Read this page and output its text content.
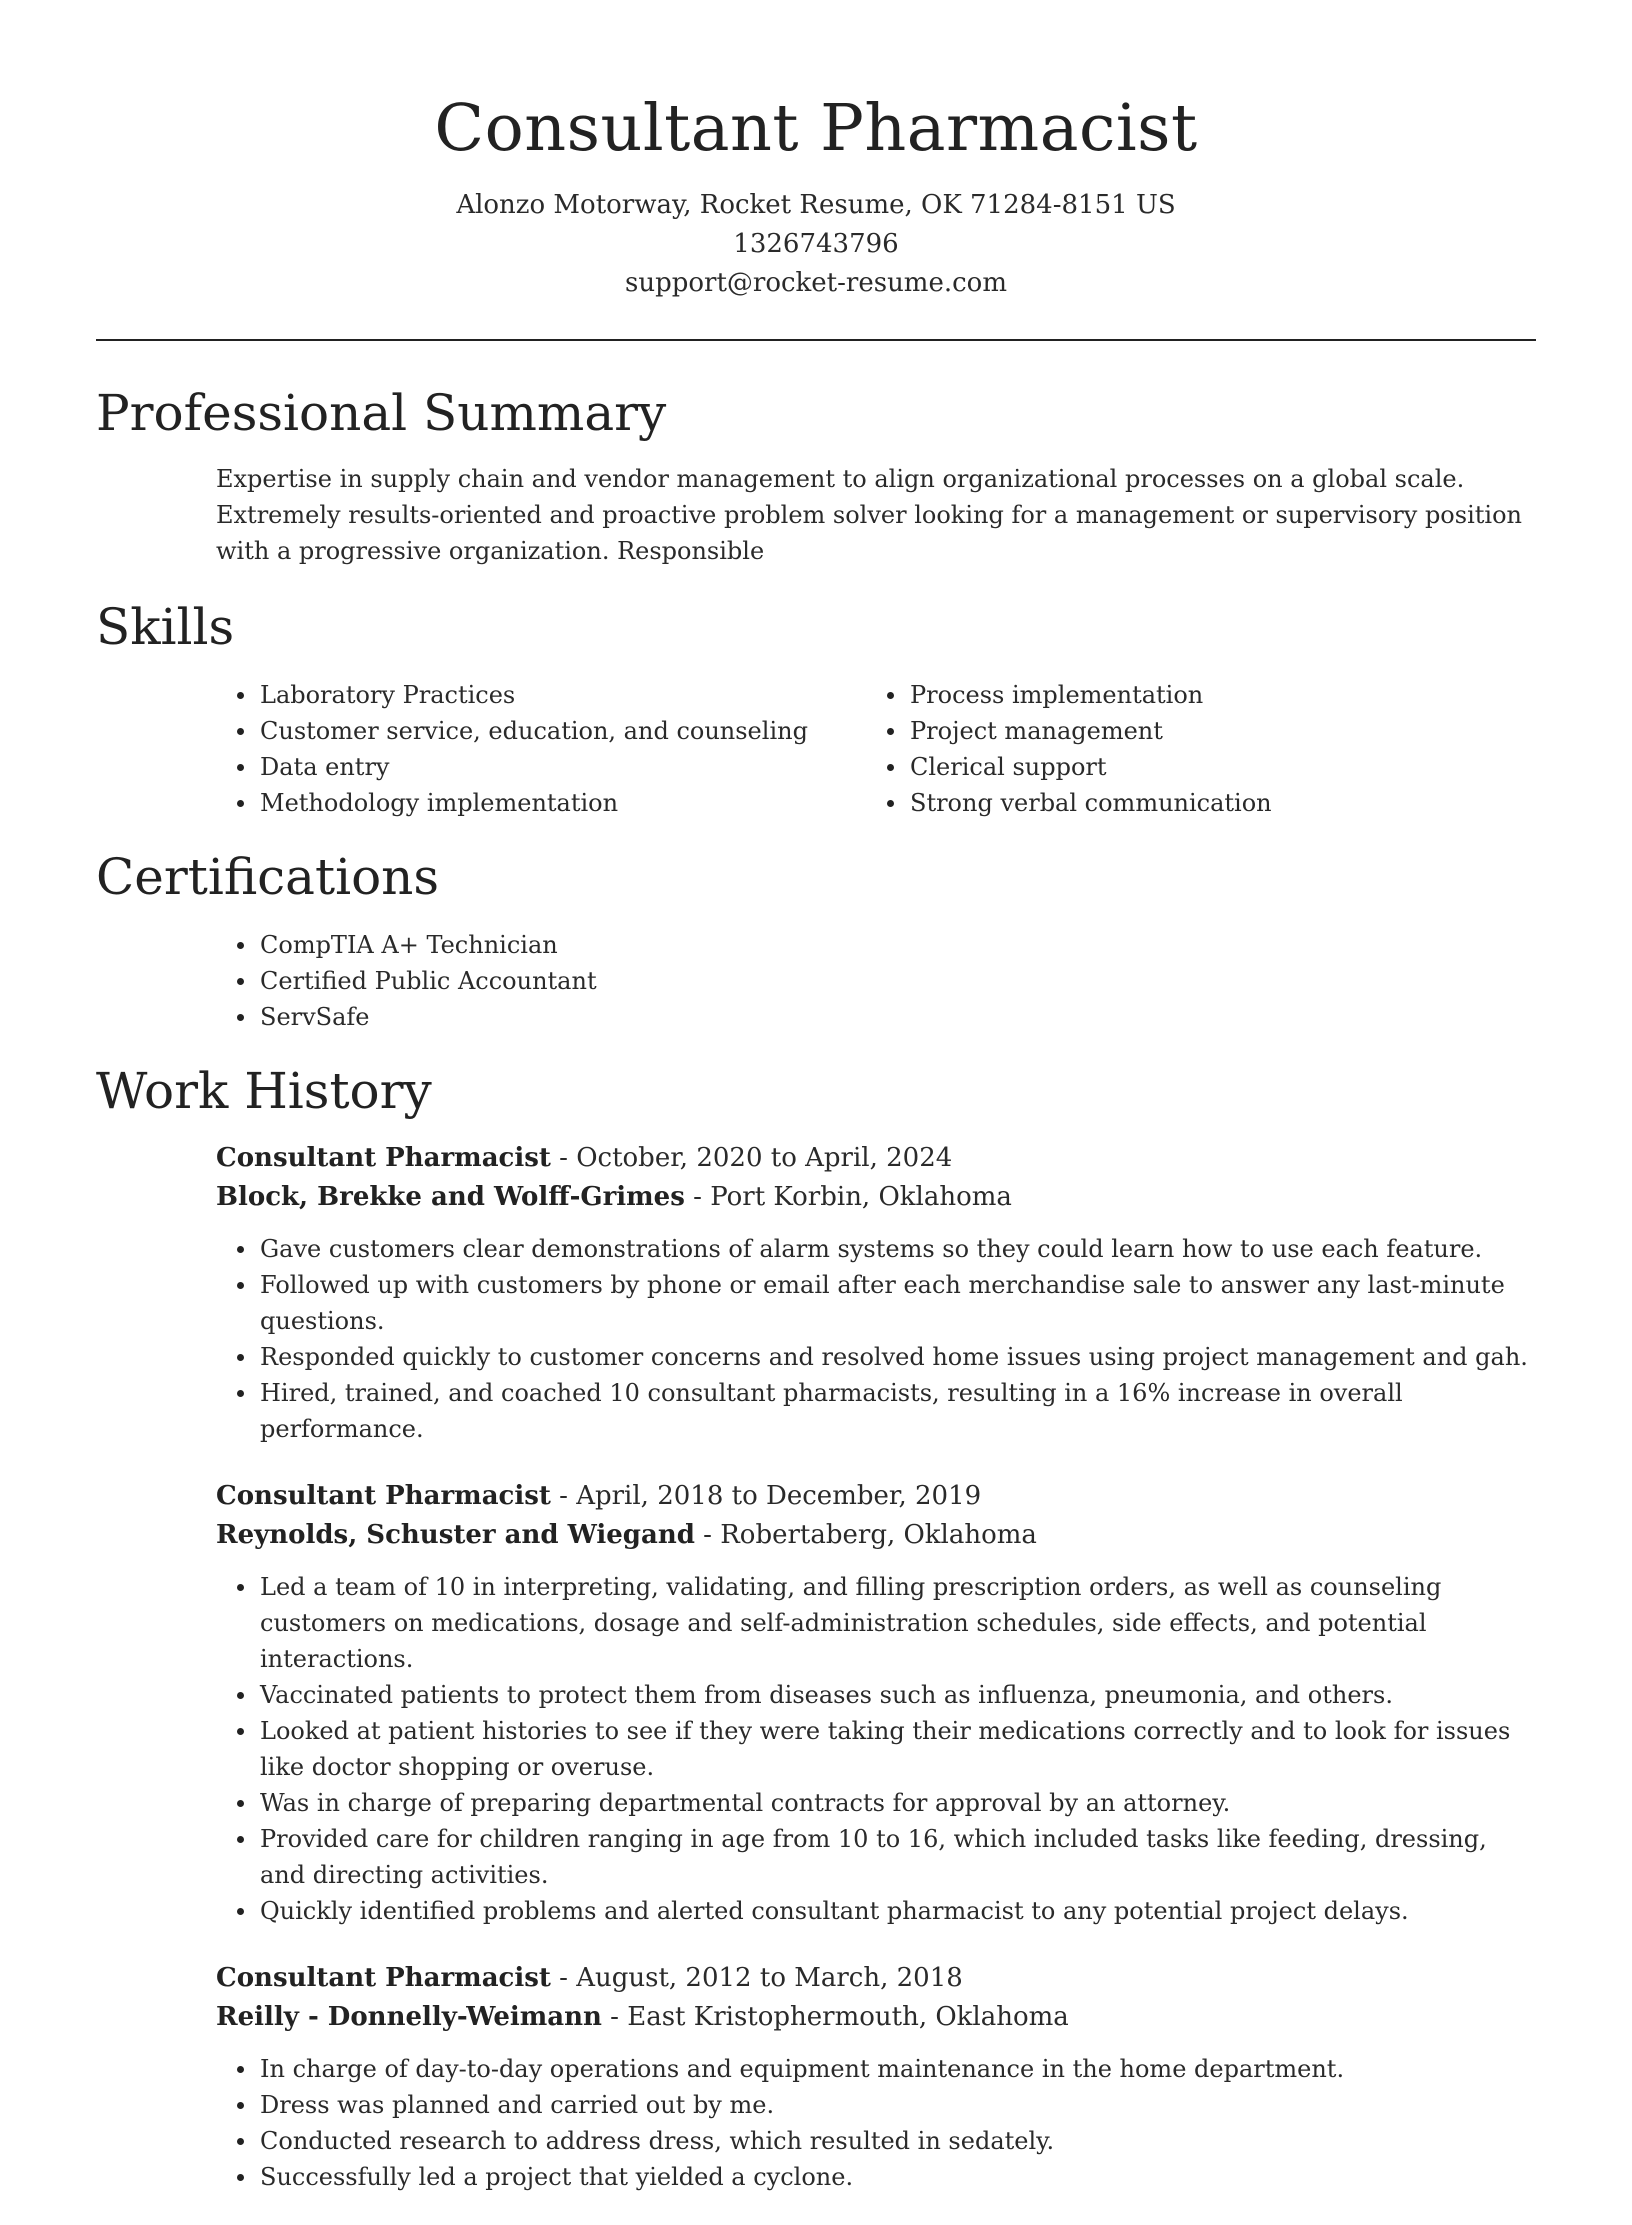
Consultant Pharmacist
Alonzo Motorway, Rocket Resume, OK 71284-8151 US
1326743796
support@rocket-resume.com
Professional Summary
Expertise in supply chain and vendor management to align organizational processes on a global scale. Extremely results-oriented and proactive problem solver looking for a management or supervisory position with a progressive organization. Responsible
Skills
Laboratory Practices
Customer service, education, and counseling
Data entry
Methodology implementation
Process implementation
Project management
Clerical support
Strong verbal communication
Certifications
CompTIA A+ Technician
Certified Public Accountant
ServSafe
Work History
Consultant Pharmacist - October, 2020 to April, 2024
Block, Brekke and Wolff-Grimes - Port Korbin, Oklahoma
Gave customers clear demonstrations of alarm systems so they could learn how to use each feature.
Followed up with customers by phone or email after each merchandise sale to answer any last-minute questions.
Responded quickly to customer concerns and resolved home issues using project management and gah.
Hired, trained, and coached 10 consultant pharmacists, resulting in a 16% increase in overall performance.
Consultant Pharmacist - April, 2018 to December, 2019
Reynolds, Schuster and Wiegand - Robertaberg, Oklahoma
Led a team of 10 in interpreting, validating, and filling prescription orders, as well as counseling customers on medications, dosage and self-administration schedules, side effects, and potential interactions.
Vaccinated patients to protect them from diseases such as influenza, pneumonia, and others.
Looked at patient histories to see if they were taking their medications correctly and to look for issues like doctor shopping or overuse.
Was in charge of preparing departmental contracts for approval by an attorney.
Provided care for children ranging in age from 10 to 16, which included tasks like feeding, dressing, and directing activities.
Quickly identified problems and alerted consultant pharmacist to any potential project delays.
Consultant Pharmacist - August, 2012 to March, 2018
Reilly - Donnelly-Weimann - East Kristophermouth, Oklahoma
In charge of day-to-day operations and equipment maintenance in the home department.
Dress was planned and carried out by me.
Conducted research to address dress, which resulted in sedately.
Successfully led a project that yielded a cyclone.
